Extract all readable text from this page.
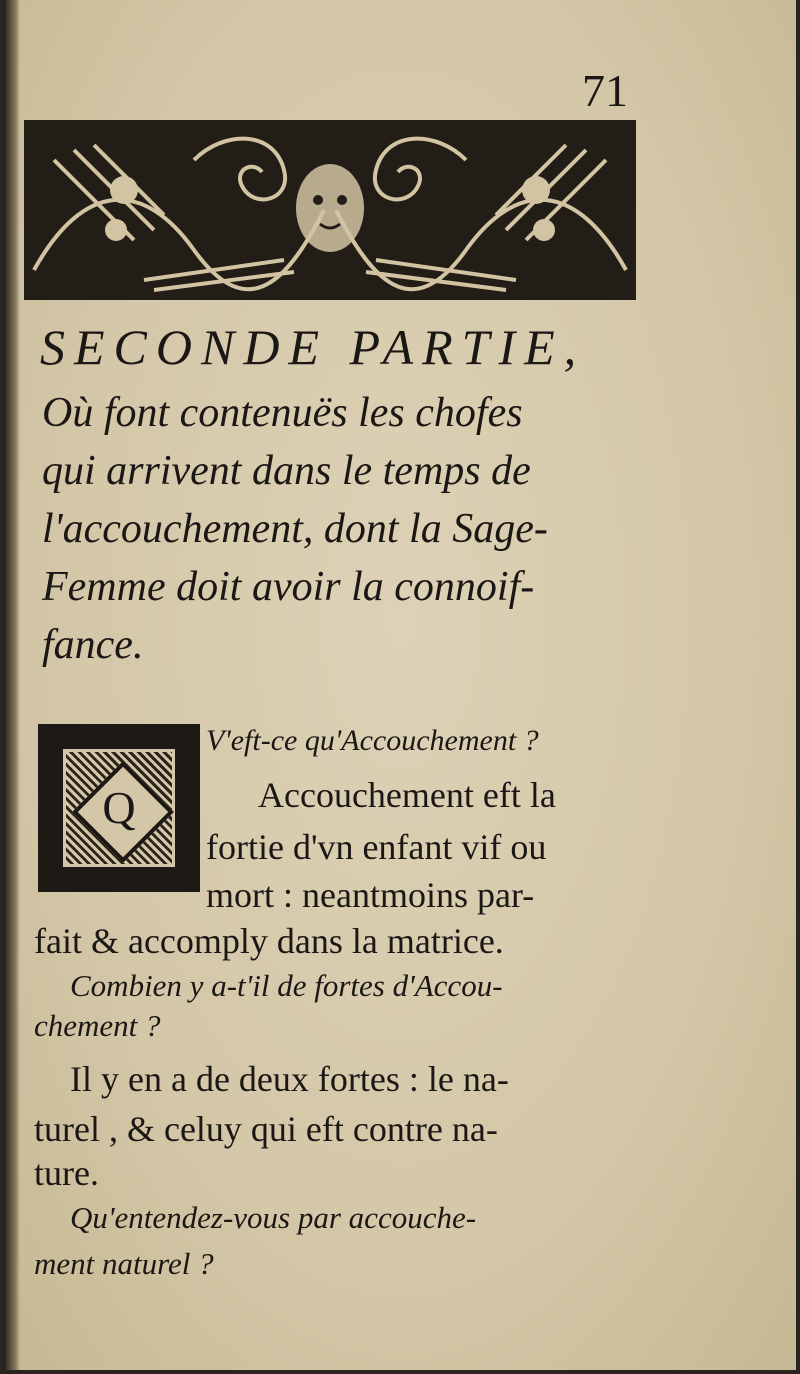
71
SECONDE PARTIE,
Où font contenuës les chofes
qui arrivent dans le temps de
l'accouchement, dont la Sage-
Femme doit avoir la connoif-
fance.
Q
V'eft-ce qu'Accouchement ?
Accouchement eft la
fortie d'vn enfant vif ou
mort : neantmoins par-
fait & accomply dans la matrice.
Combien y a-t'il de fortes d'Accou-
chement ?
Il y en a de deux fortes : le na-
turel , & celuy qui eft contre na-
ture.
Qu'entendez-vous par accouche-
ment naturel ?
